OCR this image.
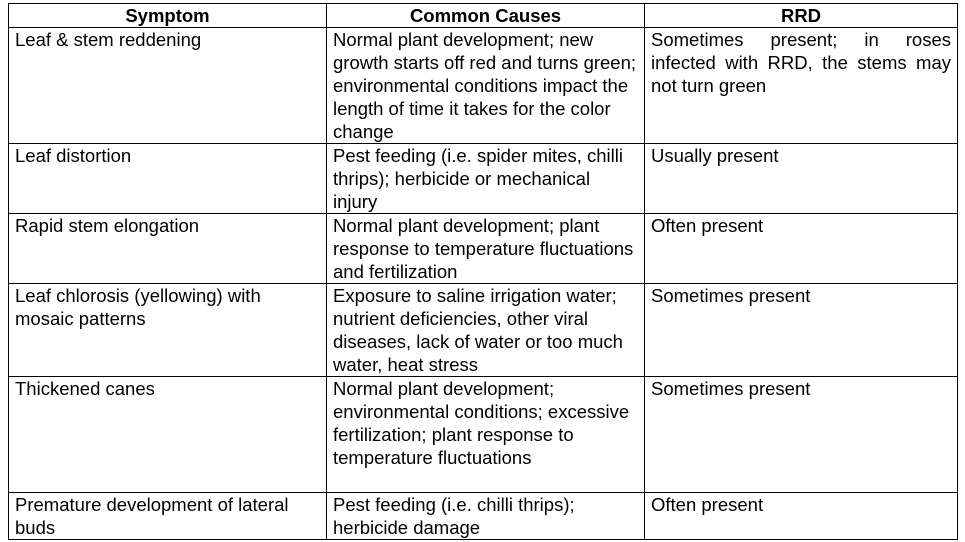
Symptom	Common Causes	RRD
Leaf & stem reddening	Normal plant development; new growth starts off red and turns green; environmental conditions impact the length of time it takes for the color change	Sometimes present; in roses infected with RRD, the stems may not turn green
Leaf distortion	Pest feeding (i.e. spider mites, chilli thrips); herbicide or mechanical injury	Usually present
Rapid stem elongation	Normal plant development; plant response to temperature fluctuations and fertilization	Often present
Leaf chlorosis (yellowing) with mosaic patterns	Exposure to saline irrigation water; nutrient deficiencies, other viral diseases, lack of water or too much water, heat stress	Sometimes present
Thickened canes	Normal plant development; environmental conditions; excessive fertilization; plant response to temperature fluctuations	Sometimes present
Premature development of lateral buds	Pest feeding (i.e. chilli thrips); herbicide damage	Often present
